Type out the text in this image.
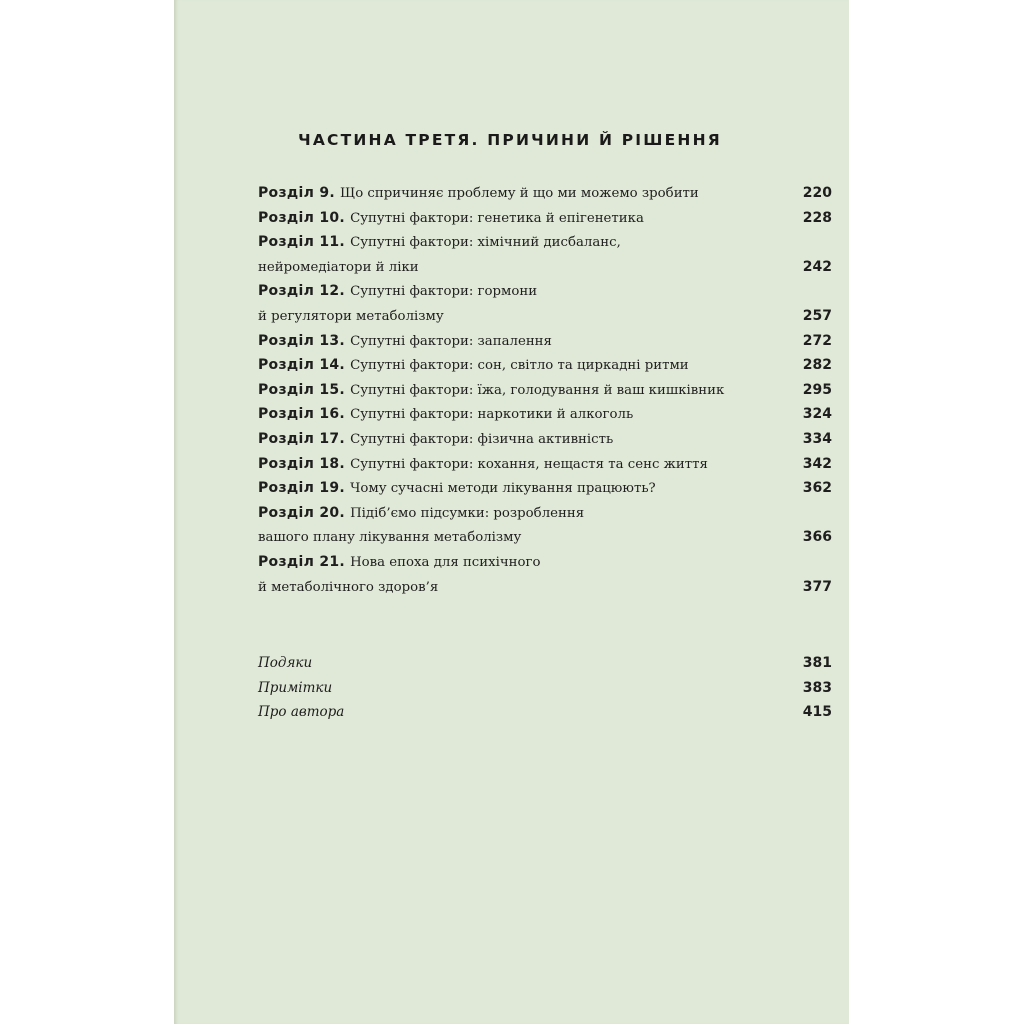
ЧАСТИНА ТРЕТЯ. ПРИЧИНИ Й РІШЕННЯ
Розділ 9. Що спричиняє проблему й що ми можемо зробити	220
Розділ 10. Супутні фактори: генетика й епігенетика	228
Розділ 11. Супутні фактори: хімічний дисбаланс,
нейромедіатори й ліки	242
Розділ 12. Супутні фактори: гормони
й регулятори метаболізму	257
Розділ 13. Супутні фактори: запалення	272
Розділ 14. Супутні фактори: сон, світло та циркадні ритми	282
Розділ 15. Супутні фактори: їжа, голодування й ваш кишківник	295
Розділ 16. Супутні фактори: наркотики й алкоголь	324
Розділ 17. Супутні фактори: фізична активність	334
Розділ 18. Супутні фактори: кохання, нещастя та сенс життя	342
Розділ 19. Чому сучасні методи лікування працюють?	362
Розділ 20. Підіб’ємо підсумки: розроблення
вашого плану лікування метаболізму	366
Розділ 21. Нова епоха для психічного
й метаболічного здоров’я	377
Подяки	381
Примітки	383
Про автора	415
